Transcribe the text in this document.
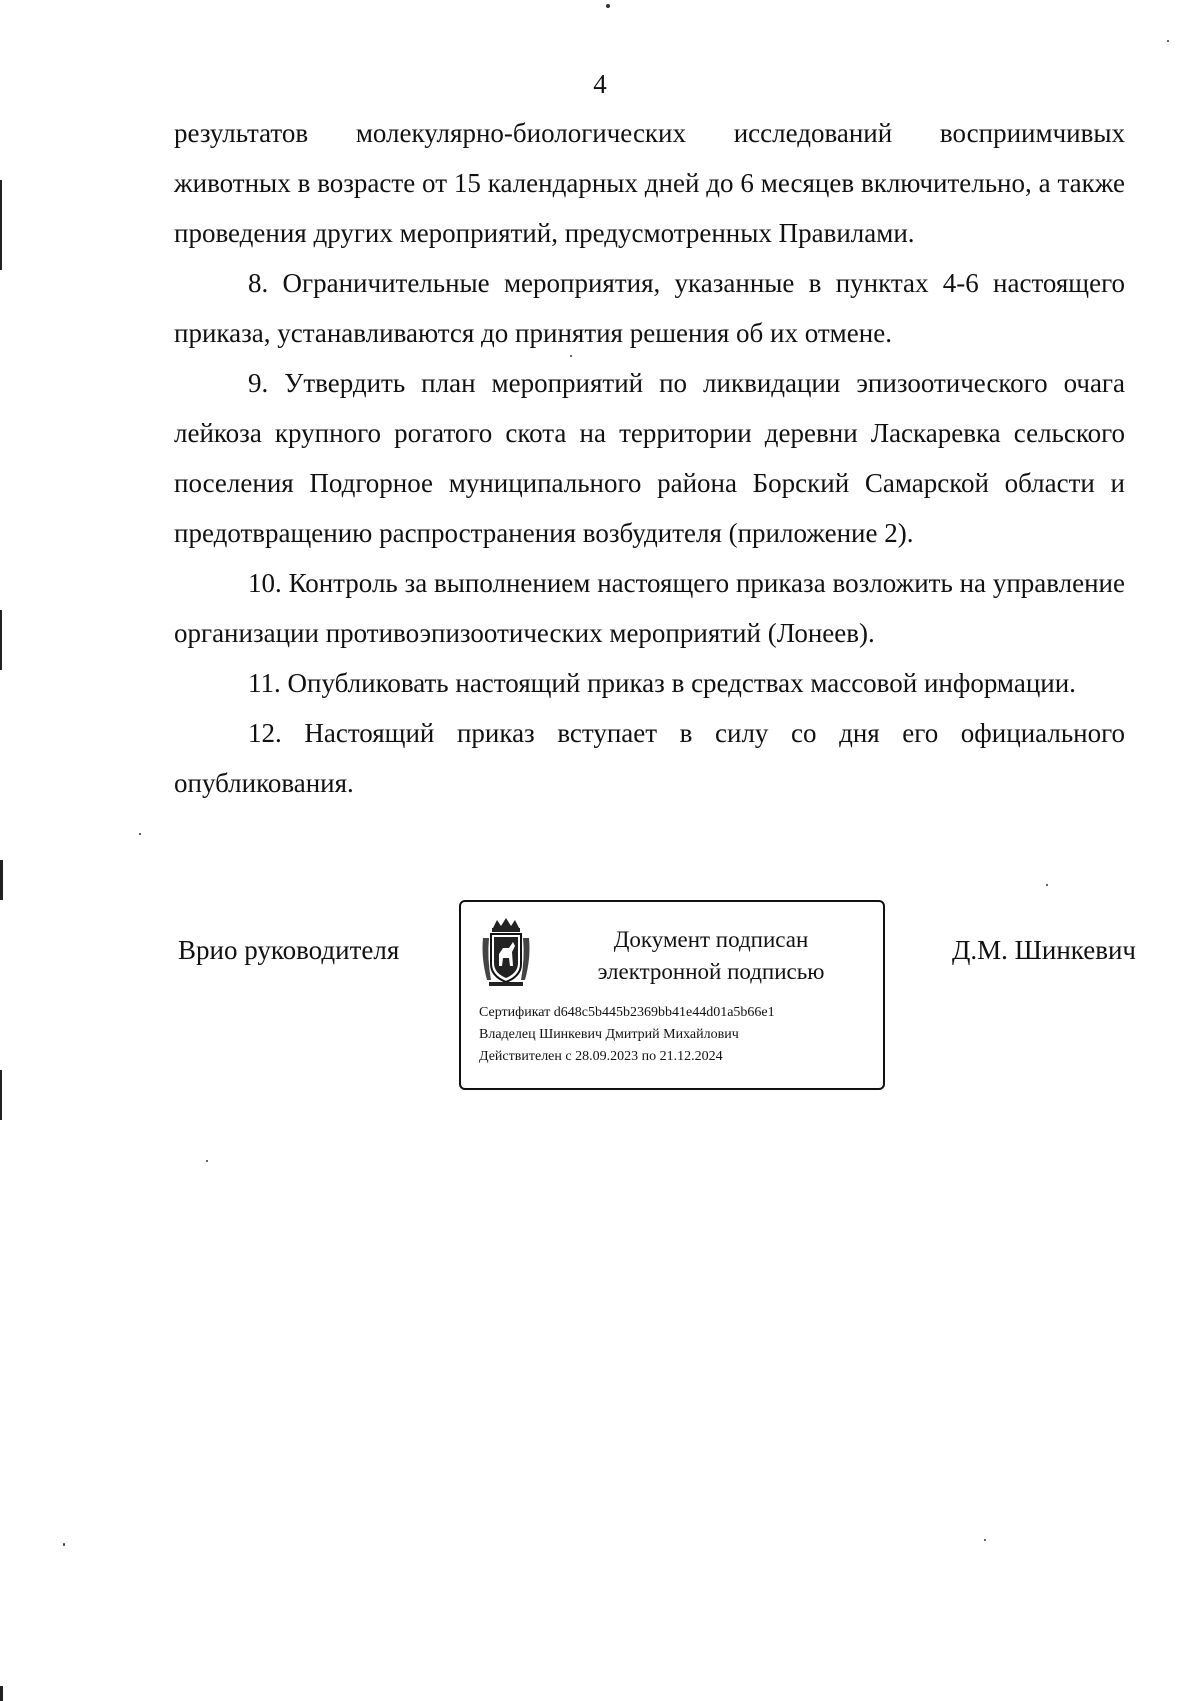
4

результатов молекулярно-биологических исследований восприимчивых животных в возрасте от 15 календарных дней до 6 месяцев включительно, а также проведения других мероприятий, предусмотренных Правилами.

8. Ограничительные мероприятия, указанные в пунктах 4-6 настоящего приказа, устанавливаются до принятия решения об их отмене.

9. Утвердить план мероприятий по ликвидации эпизоотического очага лейкоза крупного рогатого скота на территории деревни Ласкаревка сельского поселения Подгорное муниципального района Борский Самарской области и предотвращению распространения возбудителя (приложение 2).

10. Контроль за выполнением настоящего приказа возложить на управление организации противоэпизоотических мероприятий (Лонеев).

11. Опубликовать настоящий приказ в средствах массовой информации.

12. Настоящий приказ вступает в силу со дня его официального опубликования.

Врио руководителя	Документ подписан
электронной подписью
Сертификат d648c5b445b2369bb41e44d01a5b66e1
Владелец Шинкевич Дмитрий Михайлович
Действителен с 28.09.2023 по 21.12.2024
Д.М. Шинкевич
